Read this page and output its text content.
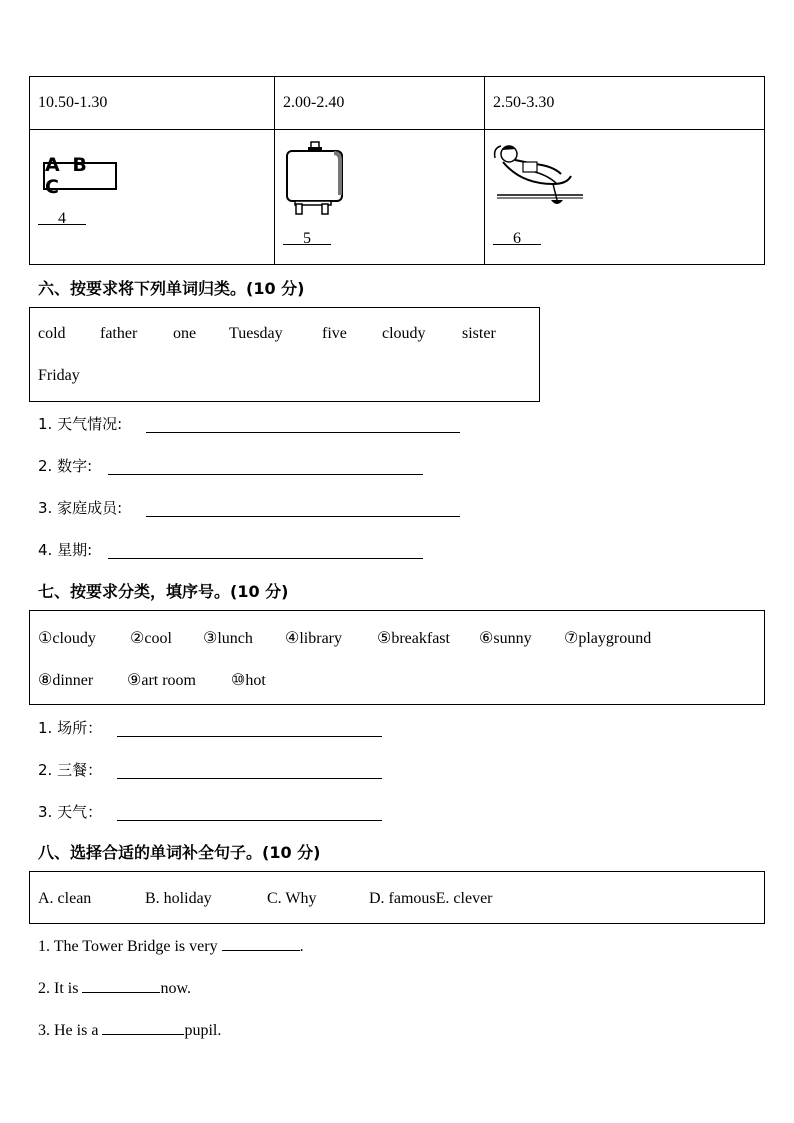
10.50-1.30	2.00-2.40	2.50-3.30

A B C
4	5	6
六、按要求将下列单词归类。(10 分)
cold father one Tuesday five cloudy sister
Friday
1. 天气情况:
2. 数字:
3. 家庭成员:
4. 星期:
七、按要求分类，填序号。(10 分)
①cloudy ②cool ③lunch ④library ⑤breakfast ⑥sunny ⑦playground
⑧dinner ⑨art room ⑩hot
1. 场所：
2. 三餐：
3. 天气：
八、选择合适的单词补全句子。(10 分)
A. clean	B. holiday	C. Why	D. famousE. clever
1. The Tower Bridge is very	.
2. It is	now.
3. He is a	pupil.
